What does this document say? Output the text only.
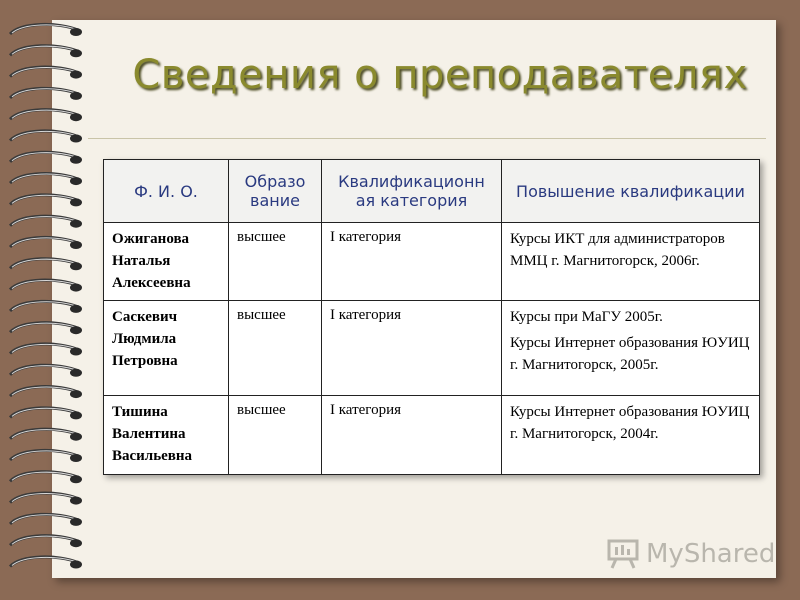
Сведения о преподавателях
Ф. И. О.	Образо вание	Квалификационн ая категория	Повышение квалификации
Ожиганова Наталья Алексеевна	высшее	I категория	Курсы ИКТ для администраторов ММЦ г. Магнитогорск, 2006г.

Саскевич Людмила Петровна	высшее	I категория	Курсы при МаГУ 2005г.

Курсы Интернет образования ЮУИЦ г. Магнитогорск, 2005г.

Тишина Валентина Васильевна	высшее	I категория	Курсы Интернет образования ЮУИЦ г. Магнитогорск, 2004г.

MyShared
